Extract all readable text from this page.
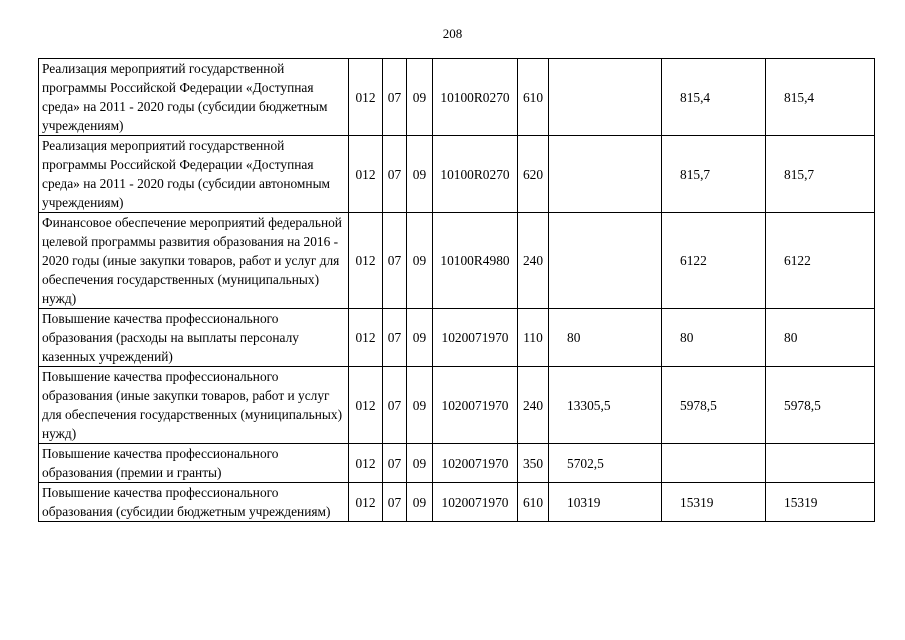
208
Реализация мероприятий государственной программы Российской Федерации «Доступная среда» на 2011 - 2020 годы (субсидии бюджетным учреждениям)	012	07	09	10100R0270	610		815,4	815,4
Реализация мероприятий государственной программы Российской Федерации «Доступная среда» на 2011 - 2020 годы (субсидии автономным учреждениям)	012	07	09	10100R0270	620		815,7	815,7
Финансовое обеспечение мероприятий федеральной целевой программы развития образования на 2016 - 2020 годы (иные закупки товаров, работ и услуг для обеспечения государственных (муниципальных) нужд)	012	07	09	10100R4980	240		6122	6122
Повышение качества профессионального образования (расходы на выплаты персоналу казенных учреждений)	012	07	09	1020071970	110	80	80	80
Повышение качества профессионального образования (иные закупки товаров, работ и услуг для обеспечения государственных (муниципальных) нужд)	012	07	09	1020071970	240	13305,5	5978,5	5978,5
Повышение качества профессионального образования (премии и гранты)	012	07	09	1020071970	350	5702,5		
Повышение качества профессионального образования (субсидии бюджетным учреждениям)	012	07	09	1020071970	610	10319	15319	15319
